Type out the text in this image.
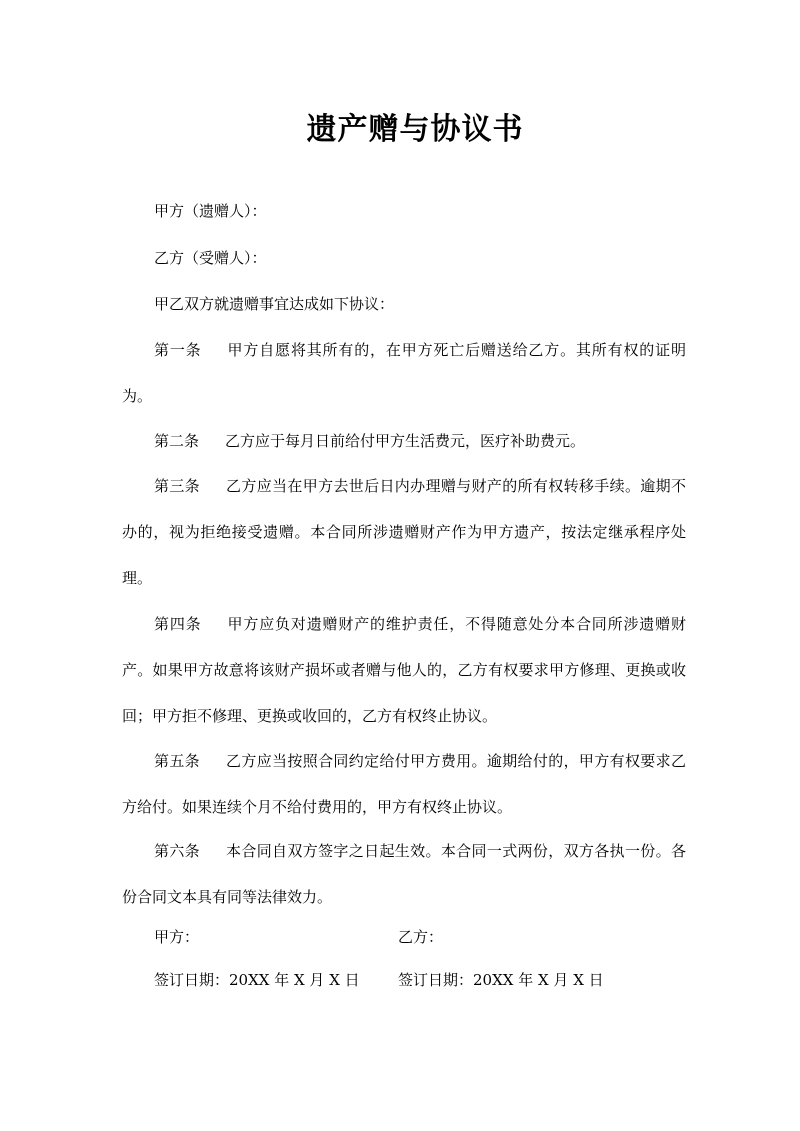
遗产赠与协议书

甲方（遗赠人）：

乙方（受赠人）：

甲乙双方就遗赠事宜达成如下协议：

第一条 甲方自愿将其所有的，在甲方死亡后赠送给乙方。其所有权的证明为。

第二条 乙方应于每月日前给付甲方生活费元，医疗补助费元。

第三条 乙方应当在甲方去世后日内办理赠与财产的所有权转移手续。逾期不办的，视为拒绝接受遗赠。本合同所涉遗赠财产作为甲方遗产，按法定继承程序处理。

第四条 甲方应负对遗赠财产的维护责任，不得随意处分本合同所涉遗赠财产。如果甲方故意将该财产损坏或者赠与他人的，乙方有权要求甲方修理、更换或收回；甲方拒不修理、更换或收回的，乙方有权终止协议。

第五条 乙方应当按照合同约定给付甲方费用。逾期给付的，甲方有权要求乙方给付。如果连续个月不给付费用的，甲方有权终止协议。

第六条 本合同自双方签字之日起生效。本合同一式两份，双方各执一份。各份合同文本具有同等法律效力。

甲方：	乙方：
签订日期：20XX 年 X 月 X 日	签订日期：20XX 年 X 月 X 日
